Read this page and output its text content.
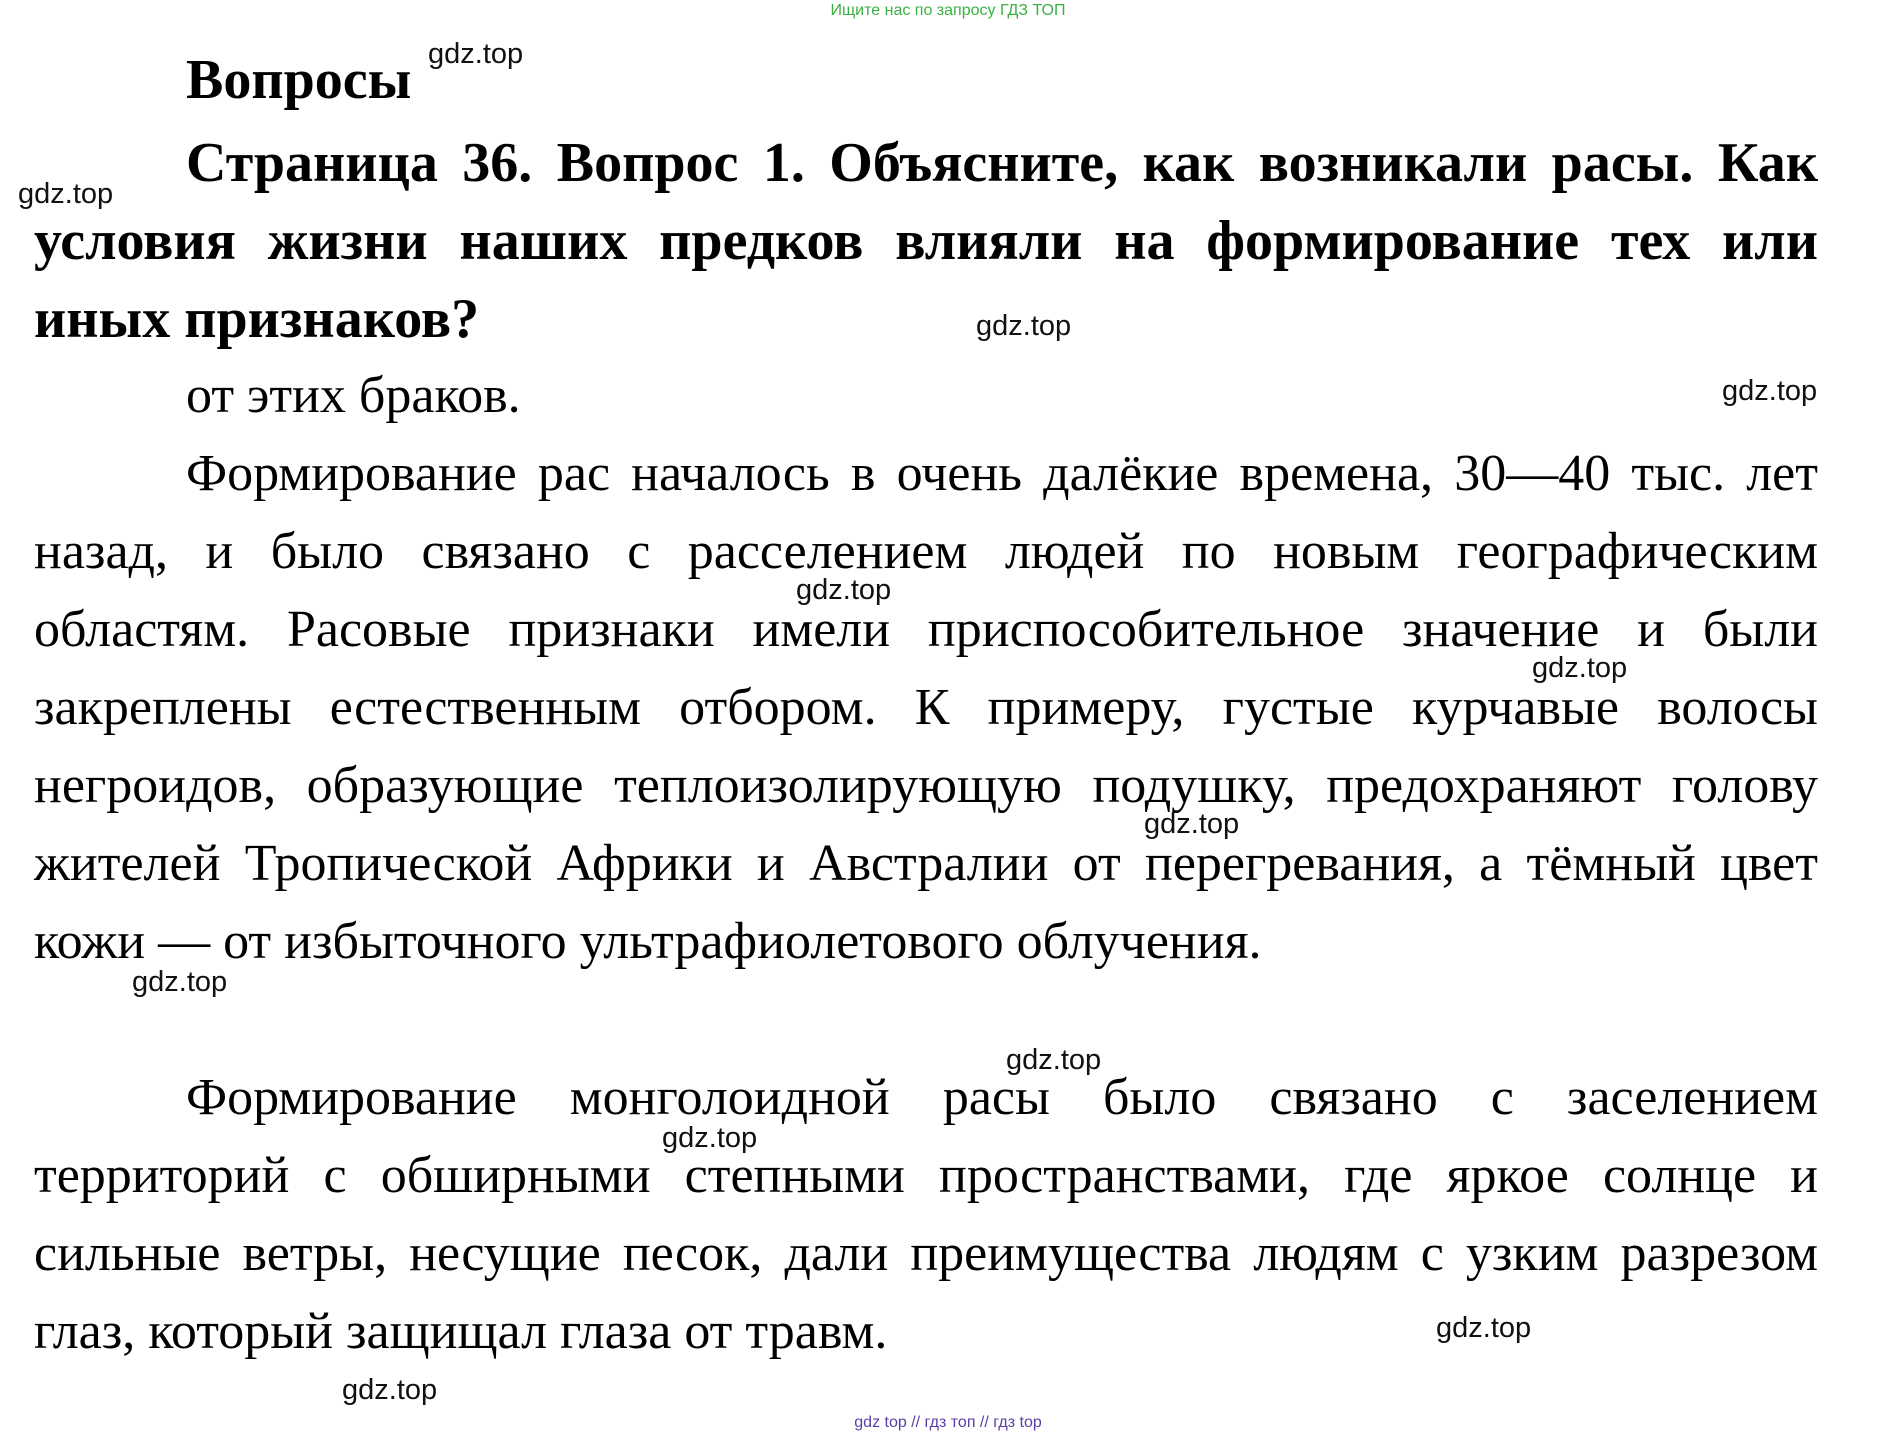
Ищите нас по запросу ГДЗ ТОП
Вопросы

Страница 36. Вопрос 1. Объясните, как возникали расы. Как условия жизни наших предков влияли на формирование тех или иных признаков?

от этих браков.

Формирование рас началось в очень далёкие времена, 30—40 тыс. лет назад, и было связано с расселением людей по новым географическим областям. Расовые признаки имели приспособительное значение и были закреплены естественным отбором. К примеру, густые курчавые волосы негроидов, образующие теплоизолирующую подушку, предохраняют голову жителей Тропической Африки и Австралии от перегревания, а тёмный цвет кожи — от избыточного ультрафиолетового облучения.

Формирование монголоидной расы было связано с заселением территорий с обширными степными пространствами, где яркое солнце и сильные ветры, несущие песок, дали преимущества людям с узким разрезом глаз, который защищал глаза от травм.

gdz.top
gdz.top
gdz.top
gdz.top
gdz.top
gdz.top
gdz.top
gdz.top
gdz.top
gdz.top
gdz.top
gdz.top
gdz top // гдз топ // гдз top
